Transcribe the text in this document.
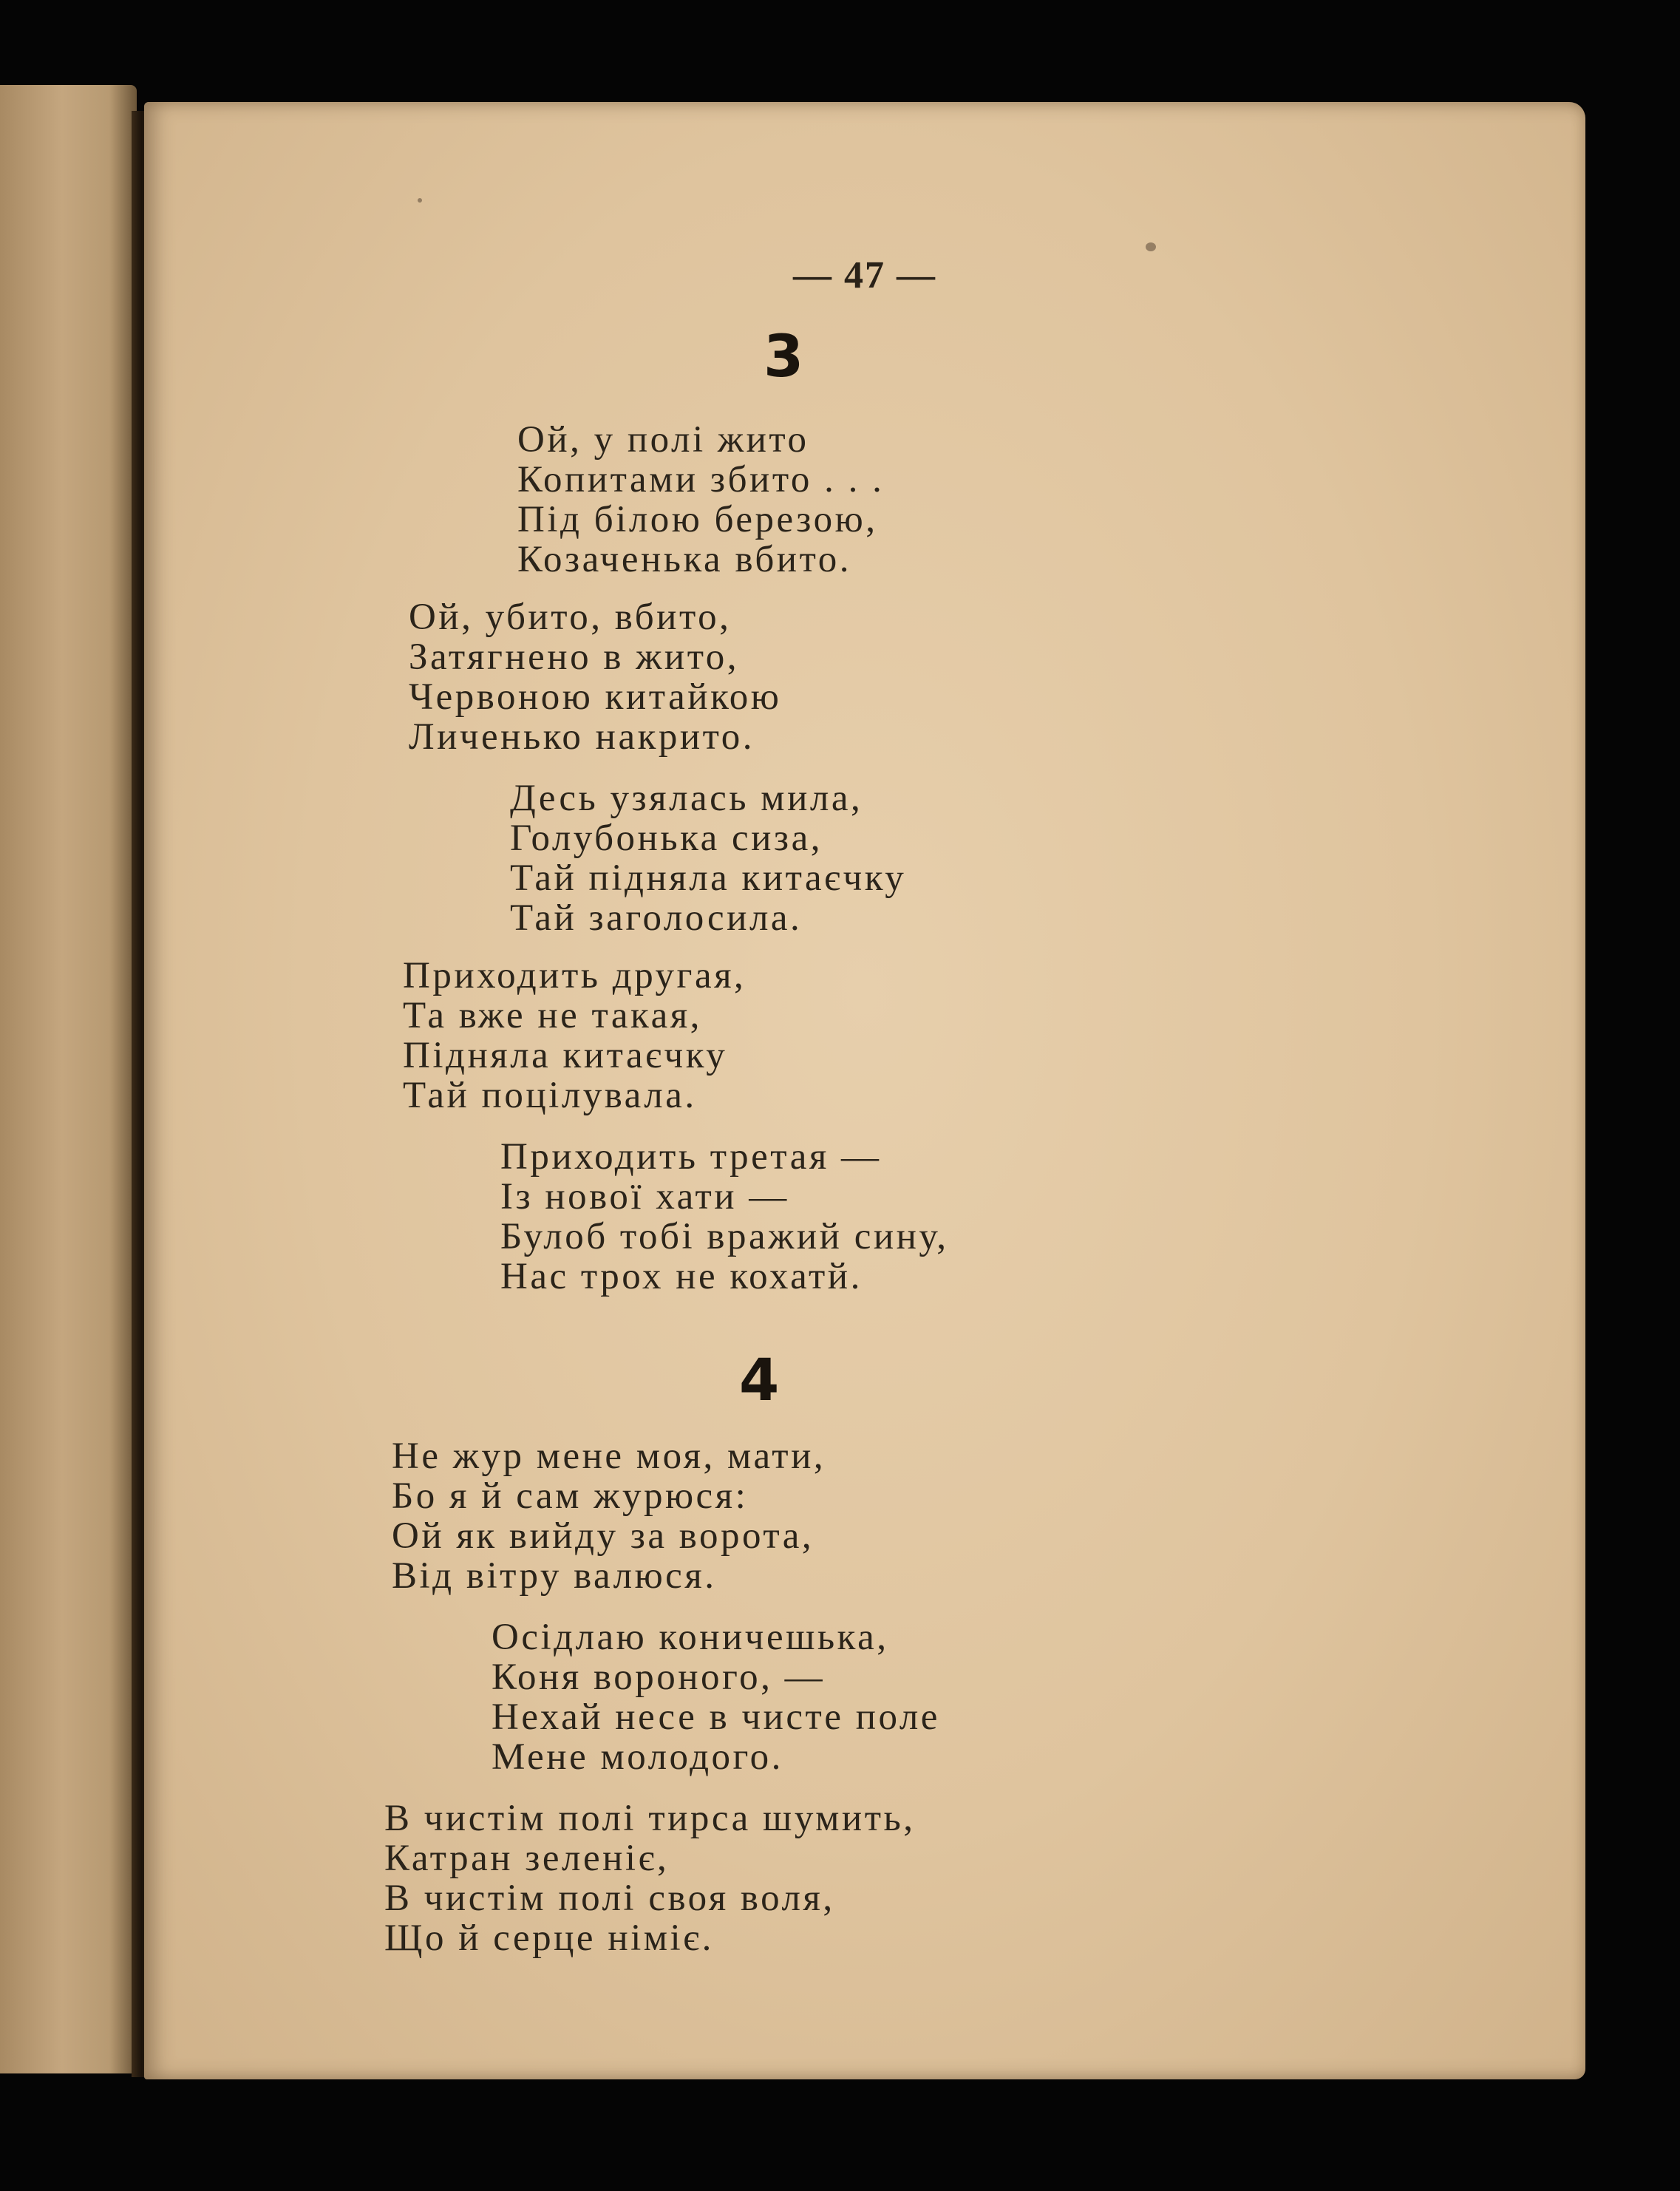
— 47 —
3
Ой, у полі жито
Копитами збито . . .
Під білою березою,
Козаченька вбито.
Ой, убито, вбито,
Затягнено в жито,
Червоною китайкою
Личенько накрито.
Десь узялась мила,
Голубонька сиза,
Тай підняла китаєчку
Тай заголосила.
Приходить другая,
Та вже не такая,
Підняла китаєчку
Тай поцілувала.
Приходить третая —
Із нової хати —
Булоб тобі вражий сину,
Нас трох не кохатй.
4
Не жур мене моя, мати,
Бо я й сам журюся:
Ой як вийду за ворота,
Від вітру валюся.
Осідлаю коничешька,
Коня вороного, —
Нехай несе в чисте поле
Мене молодого.
В чистім полі тирса шумить,
Катран зеленіє,
В чистім полі своя воля,
Що й серце німіє.
